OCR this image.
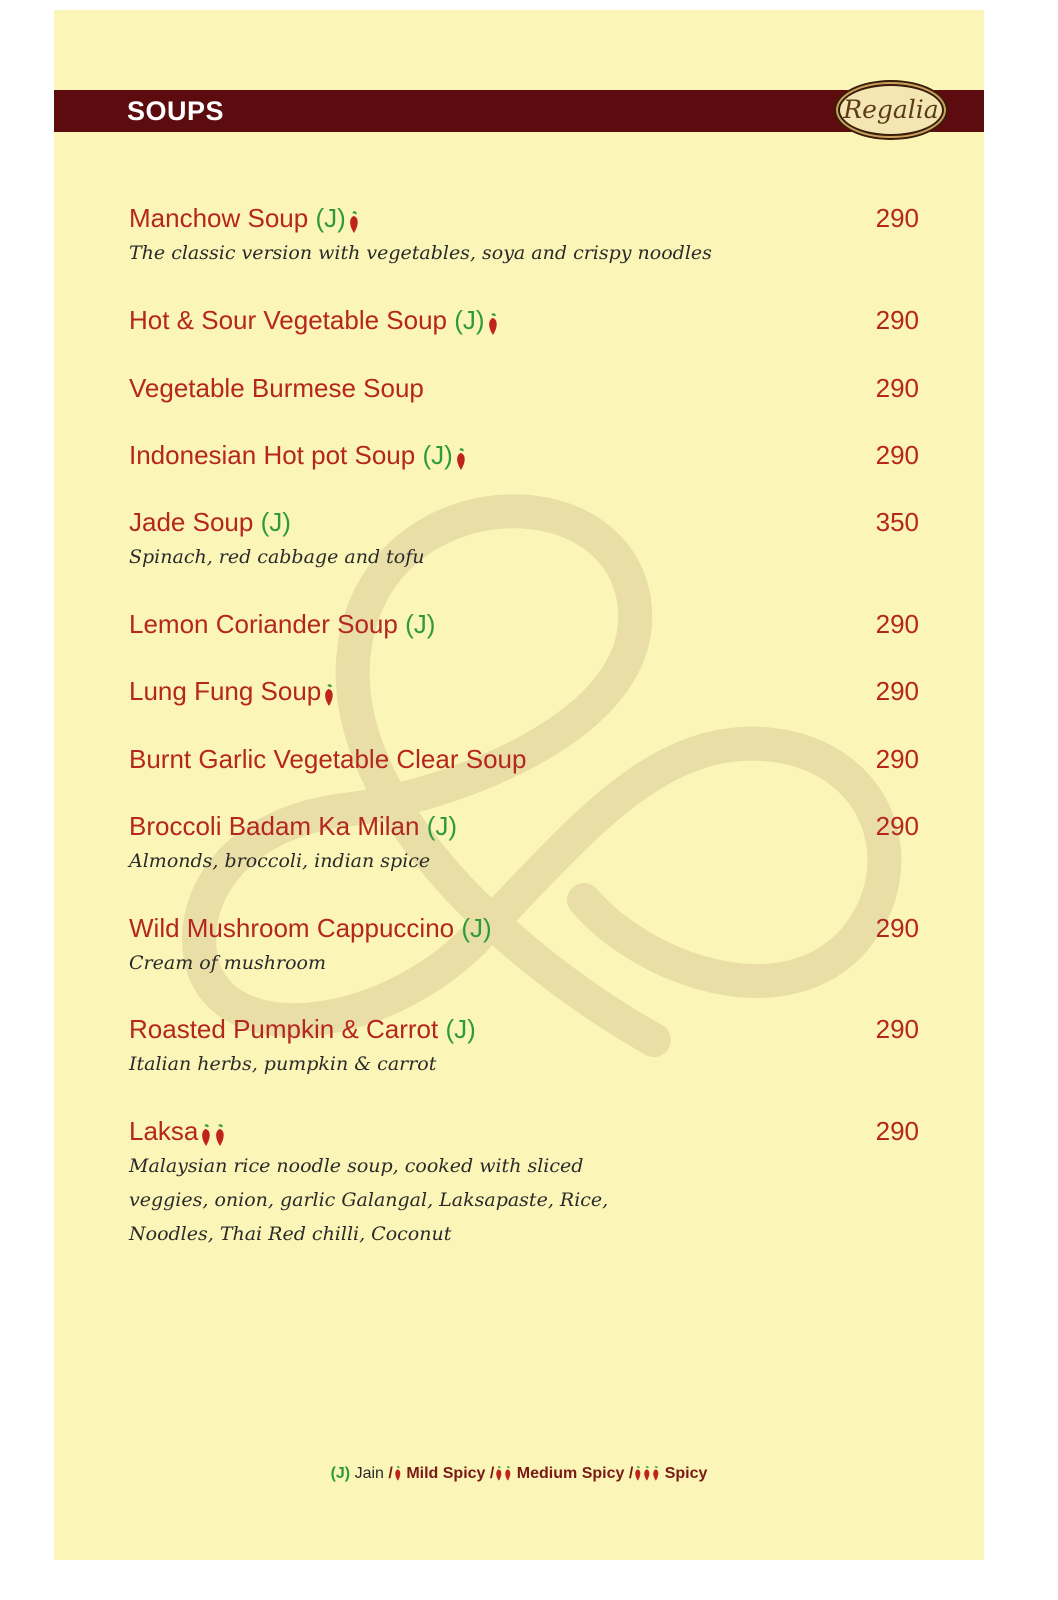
SOUPS	Regalia
Manchow Soup (J)	290
The classic version with vegetables, soya and crispy noodles
Hot & Sour Vegetable Soup (J)	290
Vegetable Burmese Soup	290
Indonesian Hot pot Soup (J)	290
Jade Soup (J)	350
Spinach, red cabbage and tofu
Lemon Coriander Soup (J)	290
Lung Fung Soup	290
Burnt Garlic Vegetable Clear Soup	290
Broccoli Badam Ka Milan (J)	290
Almonds, broccoli, indian spice
Wild Mushroom Cappuccino (J)	290
Cream of mushroom
Roasted Pumpkin & Carrot (J)	290
Italian herbs, pumpkin & carrot
Laksa	290
Malaysian rice noodle soup, cooked with sliced
veggies, onion, garlic Galangal, Laksapaste, Rice,
Noodles, Thai Red chilli, Coconut
(J) Jain / Mild Spicy / Medium Spicy / Spicy
